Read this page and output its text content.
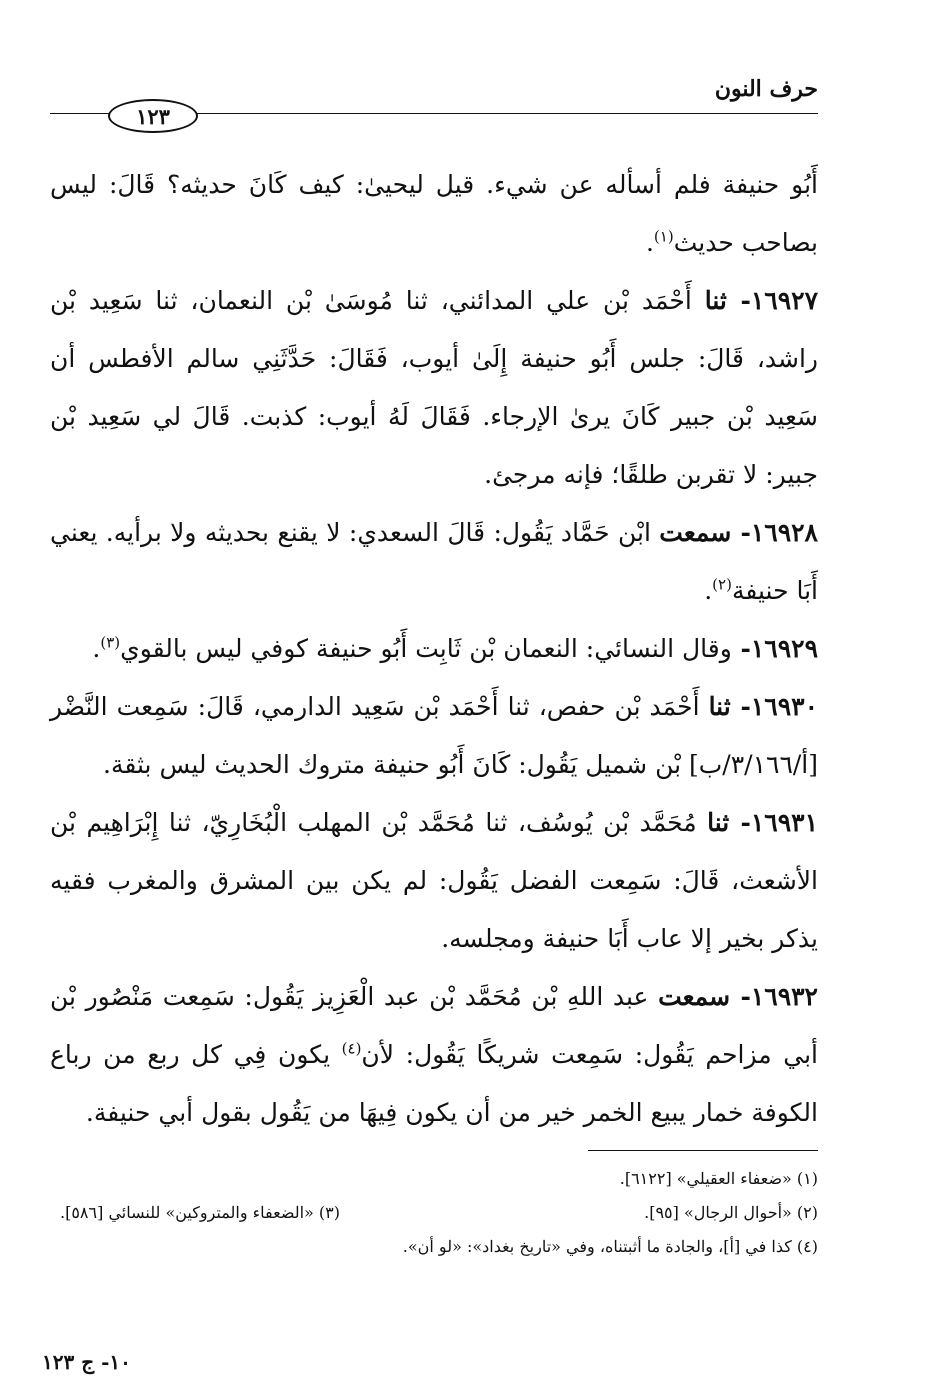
حرف النون
١٢٣

أَبُو حنيفة فلم أسأله عن شيء. قيل ليحيىٰ: كيف كَانَ حديثه؟ قَالَ: ليس بصاحب حديث$^{(١)}$.

١٦٩٢٧- ثنا أَحْمَد بْن علي المدائني، ثنا مُوسَىٰ بْن النعمان، ثنا سَعِيد بْن راشد، قَالَ: جلس أَبُو حنيفة إِلَىٰ أيوب، فَقَالَ: حَدَّثَنِي سالم الأفطس أن سَعِيد بْن جبير كَانَ يرىٰ الإرجاء. فَقَالَ لَهُ أيوب: كذبت. قَالَ لي سَعِيد بْن جبير: لا تقربن طلقًا؛ فإنه مرجئ.

١٦٩٢٨- سمعت ابْن حَمَّاد يَقُول: قَالَ السعدي: لا يقنع بحديثه ولا برأيه. يعني أَبَا حنيفة$^{(٢)}$.

١٦٩٢٩- وقال النسائي: النعمان بْن ثَابِت أَبُو حنيفة كوفي ليس بالقوي$^{(٣)}$.

١٦٩٣٠- ثنا أَحْمَد بْن حفص، ثنا أَحْمَد بْن سَعِيد الدارمي، قَالَ: سَمِعت النَّضْر [أ/٣/١٦٦/ب] بْن شميل يَقُول: كَانَ أَبُو حنيفة متروك الحديث ليس بثقة.

١٦٩٣١- ثنا مُحَمَّد بْن يُوسُف، ثنا مُحَمَّد بْن المهلب الْبُخَارِيّ، ثنا إِبْرَاهِيم بْن الأشعث، قَالَ: سَمِعت الفضل يَقُول: لم يكن بين المشرق والمغرب فقيه يذكر بخير إلا عاب أَبَا حنيفة ومجلسه.

١٦٩٣٢- سمعت عبد اللهِ بْن مُحَمَّد بْن عبد الْعَزِيز يَقُول: سَمِعت مَنْصُور بْن أبي مزاحم يَقُول: سَمِعت شريكًا يَقُول: لأن$^{(٤)}$ يكون فِي كل ربع من رباع الكوفة خمار يبيع الخمر خير من أن يكون فِيهَا من يَقُول بقول أبي حنيفة.

(١) «ضعفاء العقيلي» [٦١٢٢].
(٢) «أحوال الرجال» [٩٥].
(٣) «الضعفاء والمتروكين» للنسائي [٥٨٦].
(٤) كذا في [أ]، والجادة ما أثبتناه، وفي «تاريخ بغداد»: «لو أن».
١٠- ج ١٢٣
